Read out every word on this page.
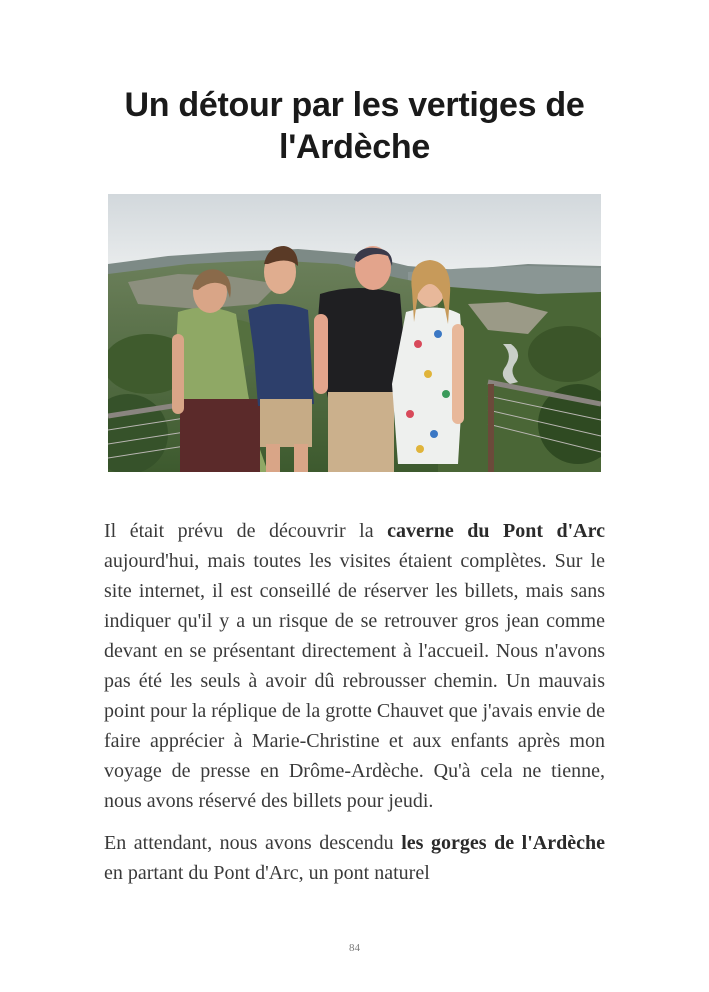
Un détour par les vertiges de l'Ardèche

Il était prévu de découvrir la caverne du Pont d'Arc aujourd'hui, mais toutes les visites étaient complètes. Sur le site internet, il est conseillé de réserver les billets, mais sans indiquer qu'il y a un risque de se retrouver gros jean comme devant en se présentant directement à l'accueil. Nous n'avons pas été les seuls à avoir dû rebrousser chemin. Un mauvais point pour la réplique de la grotte Chauvet que j'avais envie de faire apprécier à Marie-Christine et aux enfants après mon voyage de presse en Drôme-Ardèche. Qu'à cela ne tienne, nous avons réservé des billets pour jeudi.

En attendant, nous avons descendu les gorges de l'Ardèche en partant du Pont d'Arc, un pont naturel

84
